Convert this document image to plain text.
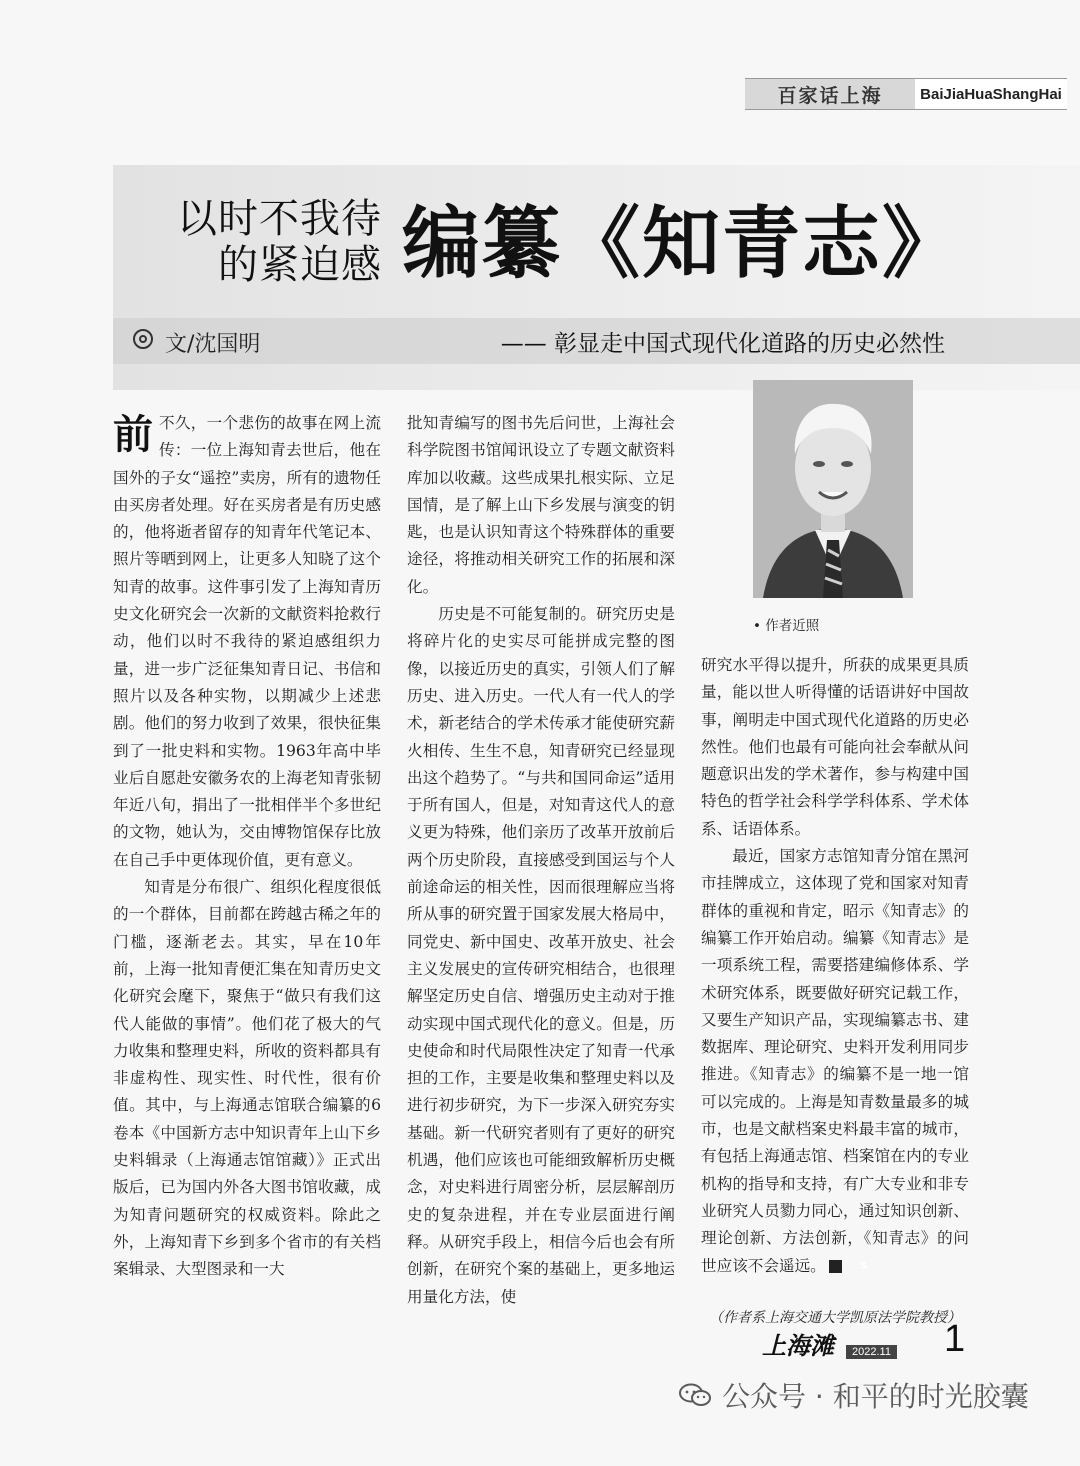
百家话上海	BaiJiaHuaShangHai
以时不我待
的紧迫感 编纂《知青志》
文/沈国明	—— 彰显走中国式现代化道路的历史必然性

前不久，一个悲伤的故事在网上流传：一位上海知青去世后，他在国外的子女“遥控”卖房，所有的遗物任由买房者处理。好在买房者是有历史感的，他将逝者留存的知青年代笔记本、照片等晒到网上，让更多人知晓了这个知青的故事。这件事引发了上海知青历史文化研究会一次新的文献资料抢救行动，他们以时不我待的紧迫感组织力量，进一步广泛征集知青日记、书信和照片以及各种实物，以期减少上述悲剧。他们的努力收到了效果，很快征集到了一批史料和实物。1963年高中毕业后自愿赴安徽务农的上海老知青张韧年近八旬，捐出了一批相伴半个多世纪的文物，她认为，交由博物馆保存比放在自己手中更体现价值，更有意义。

知青是分布很广、组织化程度很低的一个群体，目前都在跨越古稀之年的门槛，逐渐老去。其实，早在10年前，上海一批知青便汇集在知青历史文化研究会麾下，聚焦于“做只有我们这代人能做的事情”。他们花了极大的气力收集和整理史料，所收的资料都具有非虚构性、现实性、时代性，很有价值。其中，与上海通志馆联合编纂的6卷本《中国新方志中知识青年上山下乡史料辑录（上海通志馆馆藏）》正式出版后，已为国内外各大图书馆收藏，成为知青问题研究的权威资料。除此之外，上海知青下乡到多个省市的有关档案辑录、大型图录和一大

批知青编写的图书先后问世，上海社会科学院图书馆闻讯设立了专题文献资料库加以收藏。这些成果扎根实际、立足国情，是了解上山下乡发展与演变的钥匙，也是认识知青这个特殊群体的重要途径，将推动相关研究工作的拓展和深化。

历史是不可能复制的。研究历史是将碎片化的史实尽可能拼成完整的图像，以接近历史的真实，引领人们了解历史、进入历史。一代人有一代人的学术，新老结合的学术传承才能使研究薪火相传、生生不息，知青研究已经显现出这个趋势了。“与共和国同命运”适用于所有国人，但是，对知青这代人的意义更为特殊，他们亲历了改革开放前后两个历史阶段，直接感受到国运与个人前途命运的相关性，因而很理解应当将所从事的研究置于国家发展大格局中，同党史、新中国史、改革开放史、社会主义发展史的宣传研究相结合，也很理解坚定历史自信、增强历史主动对于推动实现中国式现代化的意义。但是，历史使命和时代局限性决定了知青一代承担的工作，主要是收集和整理史料以及进行初步研究，为下一步深入研究夯实基础。新一代研究者则有了更好的研究机遇，他们应该也可能细致解析历史概念，对史料进行周密分析，层层解剖历史的复杂进程，并在专业层面进行阐释。从研究手段上，相信今后也会有所创新，在研究个案的基础上，更多地运用量化方法，使

• 作者近照

研究水平得以提升，所获的成果更具质量，能以世人听得懂的话语讲好中国故事，阐明走中国式现代化道路的历史必然性。他们也最有可能向社会奉献从问题意识出发的学术著作，参与构建中国特色的哲学社会科学学科体系、学术体系、话语体系。

最近，国家方志馆知青分馆在黑河市挂牌成立，这体现了党和国家对知青群体的重视和肯定，昭示《知青志》的编纂工作开始启动。编纂《知青志》是一项系统工程，需要搭建编修体系、学术研究体系，既要做好研究记载工作，又要生产知识产品，实现编纂志书、建数据库、理论研究、史料开发利用同步推进。《知青志》的编纂不是一地一馆可以完成的。上海是知青数量最多的城市，也是文献档案史料最丰富的城市，有包括上海通志馆、档案馆在内的专业机构的指导和支持，有广大专业和非专业研究人员勠力同心，通过知识创新、理论创新、方法创新，《知青志》的问世应该不会遥远。	S

（作者系上海交通大学凯原法学院教授）
上海滩	2022.11 1
公众号 · 和平的时光胶囊
